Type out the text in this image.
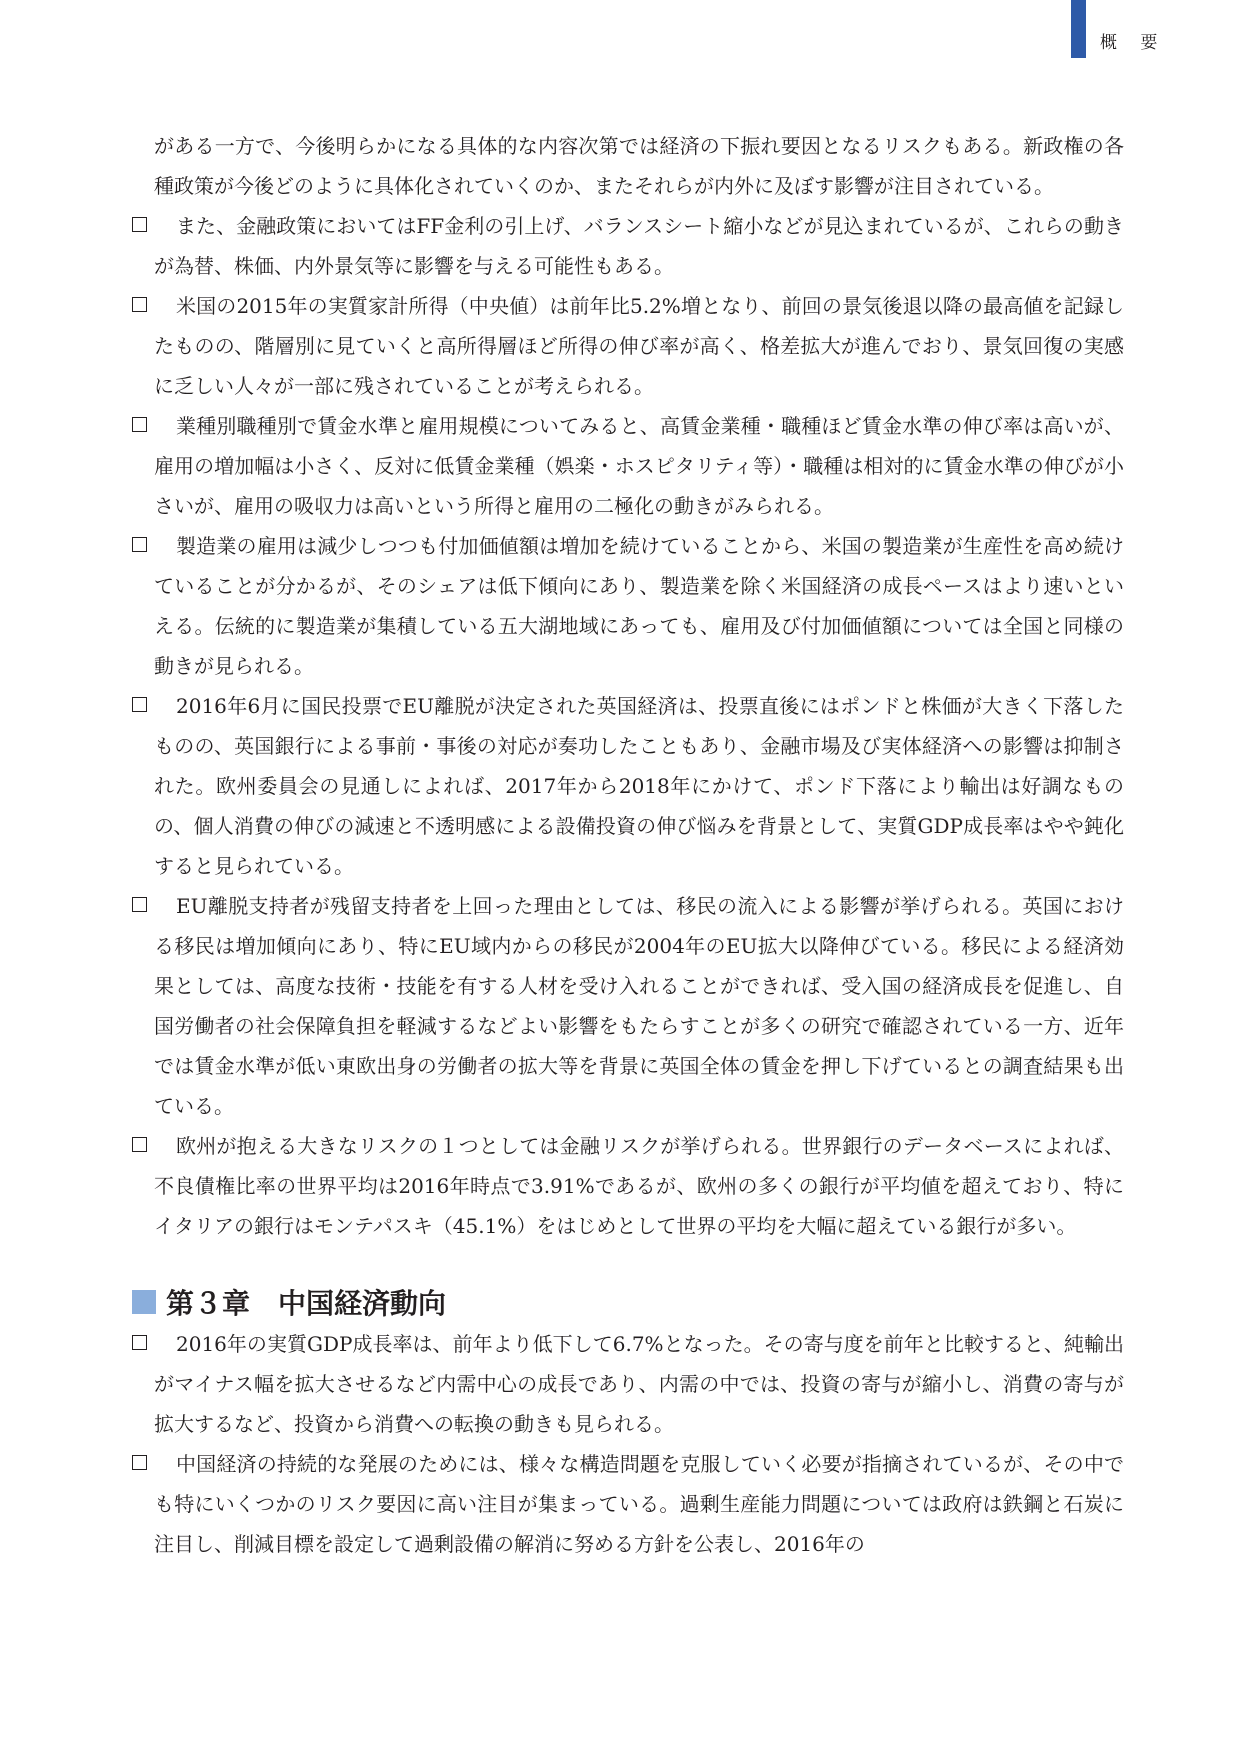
概 要
がある一方で、今後明らかになる具体的な内容次第では経済の下振れ要因となるリスクもある。新政権の各種政策が今後どのように具体化されていくのか、またそれらが内外に及ぼす影響が注目されている。
また、金融政策においてはFF金利の引上げ、バランスシート縮小などが見込まれているが、これらの動きが為替、株価、内外景気等に影響を与える可能性もある。
米国の2015年の実質家計所得（中央値）は前年比5.2%増となり、前回の景気後退以降の最高値を記録したものの、階層別に見ていくと高所得層ほど所得の伸び率が高く、格差拡大が進んでおり、景気回復の実感に乏しい人々が一部に残されていることが考えられる。
業種別職種別で賃金水準と雇用規模についてみると、高賃金業種・職種ほど賃金水準の伸び率は高いが、雇用の増加幅は小さく、反対に低賃金業種（娯楽・ホスピタリティ等）・職種は相対的に賃金水準の伸びが小さいが、雇用の吸収力は高いという所得と雇用の二極化の動きがみられる。
製造業の雇用は減少しつつも付加価値額は増加を続けていることから、米国の製造業が生産性を高め続けていることが分かるが、そのシェアは低下傾向にあり、製造業を除く米国経済の成長ペースはより速いといえる。伝統的に製造業が集積している五大湖地域にあっても、雇用及び付加価値額については全国と同様の動きが見られる。
2016年6月に国民投票でEU離脱が決定された英国経済は、投票直後にはポンドと株価が大きく下落したものの、英国銀行による事前・事後の対応が奏功したこともあり、金融市場及び実体経済への影響は抑制された。欧州委員会の見通しによれば、2017年から2018年にかけて、ポンド下落により輸出は好調なものの、個人消費の伸びの減速と不透明感による設備投資の伸び悩みを背景として、実質GDP成長率はやや鈍化すると見られている。
EU離脱支持者が残留支持者を上回った理由としては、移民の流入による影響が挙げられる。英国における移民は増加傾向にあり、特にEU域内からの移民が2004年のEU拡大以降伸びている。移民による経済効果としては、高度な技術・技能を有する人材を受け入れることができれば、受入国の経済成長を促進し、自国労働者の社会保障負担を軽減するなどよい影響をもたらすことが多くの研究で確認されている一方、近年では賃金水準が低い東欧出身の労働者の拡大等を背景に英国全体の賃金を押し下げているとの調査結果も出ている。
欧州が抱える大きなリスクの１つとしては金融リスクが挙げられる。世界銀行のデータベースによれば、不良債権比率の世界平均は2016年時点で3.91%であるが、欧州の多くの銀行が平均値を超えており、特にイタリアの銀行はモンテパスキ（45.1%）をはじめとして世界の平均を大幅に超えている銀行が多い。
第３章　中国経済動向
2016年の実質GDP成長率は、前年より低下して6.7%となった。その寄与度を前年と比較すると、純輸出がマイナス幅を拡大させるなど内需中心の成長であり、内需の中では、投資の寄与が縮小し、消費の寄与が拡大するなど、投資から消費への転換の動きも見られる。
中国経済の持続的な発展のためには、様々な構造問題を克服していく必要が指摘されているが、その中でも特にいくつかのリスク要因に高い注目が集まっている。過剰生産能力問題については政府は鉄鋼と石炭に注目し、削減目標を設定して過剰設備の解消に努める方針を公表し、2016年の
